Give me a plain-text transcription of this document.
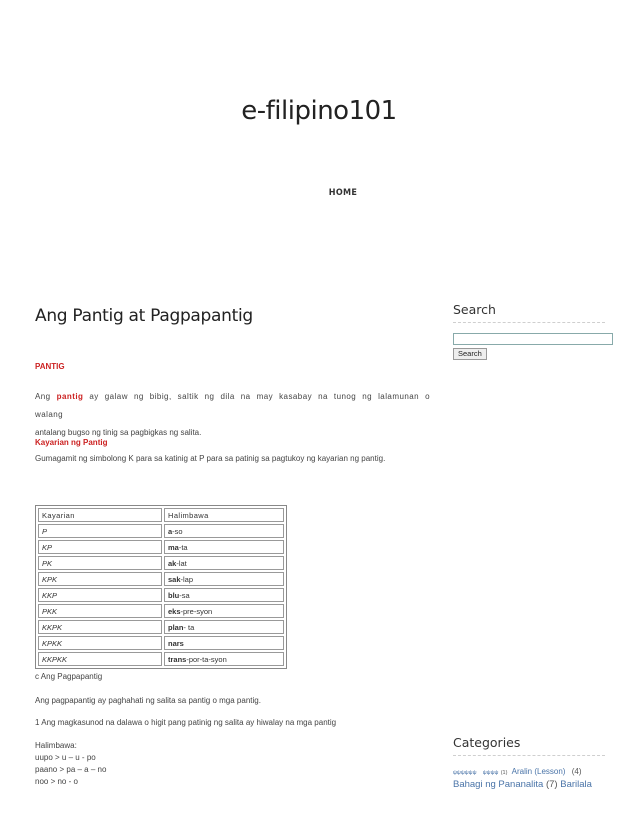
e-filipino101
HOME
Ang Pantig at Pagpapantig
PANTIG
Ang pantig ay galaw ng bibig, saltik ng dila na may kasabay na tunog ng lalamunan o walang
antalang bugso ng tinig sa pagbigkas ng salita.
Kayarian ng Pantig
Gumagamit ng simbolong K para sa katinig at P para sa patinig sa pagtukoy ng kayarian ng pantig.
Kayarian	Halimbawa
P	a-so
KP	ma-ta
PK	ak-lat
KPK	sak-lap
KKP	blu-sa
PKK	eks-pre-syon
KKPK	plan- ta
KPKK	nars
KKPKK	trans-por-ta-syon
c Ang Pagpapantig
Ang pagpapantig ay paghahati ng salita sa pantig o mga pantig.
1 Ang magkasunod na dalawa o higit pang patinig ng salita ay hiwalay na mga pantig
Halimbawa:
uupo > u – u - po
paano > pa – a – no
noo > no - o
Search
Search
Categories
ψψψψψψ ψψψψ (1) Aralin (Lesson) (4)
Bahagi ng Pananalita (7) Barilala
